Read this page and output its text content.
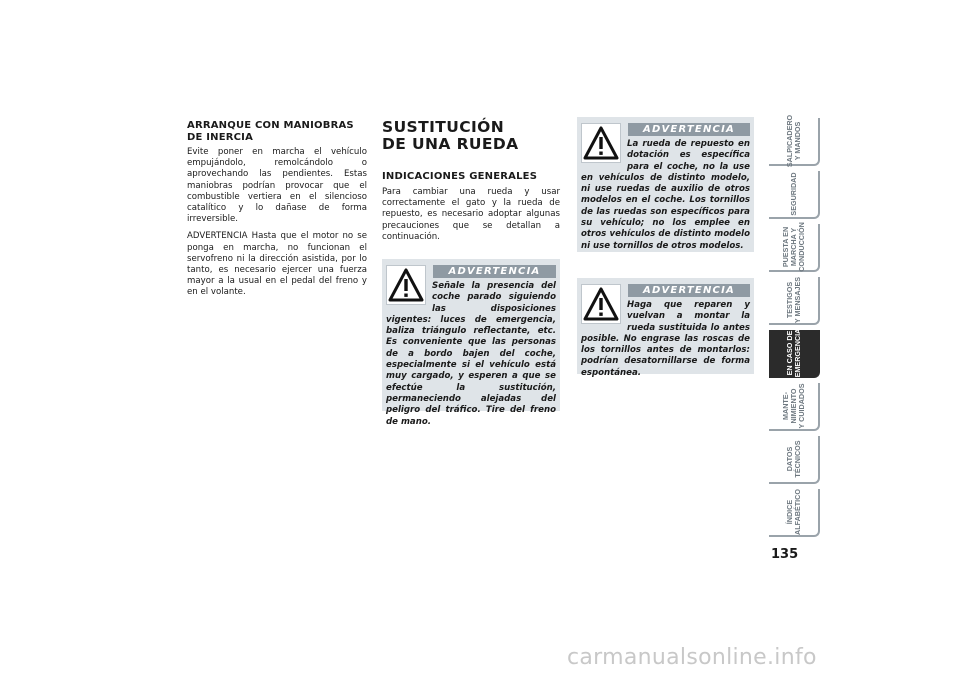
ARRANQUE CON MANIOBRAS DE INERCIA

Evite poner en marcha el vehículo empujándolo, remolcándolo o aprovechando las pendientes. Estas maniobras podrían provocar que el combustible vertiera en el silencioso catalítico y lo dañase de forma irreversible.

ADVERTENCIA Hasta que el motor no se ponga en marcha, no funcionan el servofreno ni la dirección asistida, por lo tanto, es necesario ejercer una fuerza mayor a la usual en el pedal del freno y en el volante.

SUSTITUCIÓN
DE UNA RUEDA
INDICACIONES GENERALES

Para cambiar una rueda y usar correctamente el gato y la rueda de repuesto, es necesario adoptar algunas precauciones que se detallan a continuación.

ADVERTENCIA

Señale la presencia del coche parado siguiendo las disposiciones vigentes: luces de emergencia, baliza triángulo reflectante, etc. Es conveniente que las personas de a bordo bajen del coche, especialmente si el vehículo está muy cargado, y esperen a que se efectúe la sustitución, permaneciendo alejadas del peligro del tráfico. Tire del freno de mano.

ADVERTENCIA

La rueda de repuesto en dotación es específica para el coche, no la use en vehículos de distinto modelo, ni use ruedas de auxilio de otros modelos en el coche. Los tornillos de las ruedas son específicos para su vehículo; no los emplee en otros vehículos de distinto modelo ni use tornillos de otros modelos.

ADVERTENCIA

Haga que reparen y vuelvan a montar la rueda sustituida lo antes posible. No engrase las roscas de los tornillos antes de montarlos: podrían desatornillarse de forma espontánea.

SALPICADERO
Y MANDOS
SEGURIDAD
PUESTA EN
MARCHA Y
CONDUCCIÓN
TESTIGOS
Y MENSAJES
EN CASO DE
EMERGENCIA
MANTE-
NIMIENTO
Y CUIDADOS
DATOS
TÉCNICOS
ÍNDICE
ALFABÉTICO
135
carmanualsonline.info
